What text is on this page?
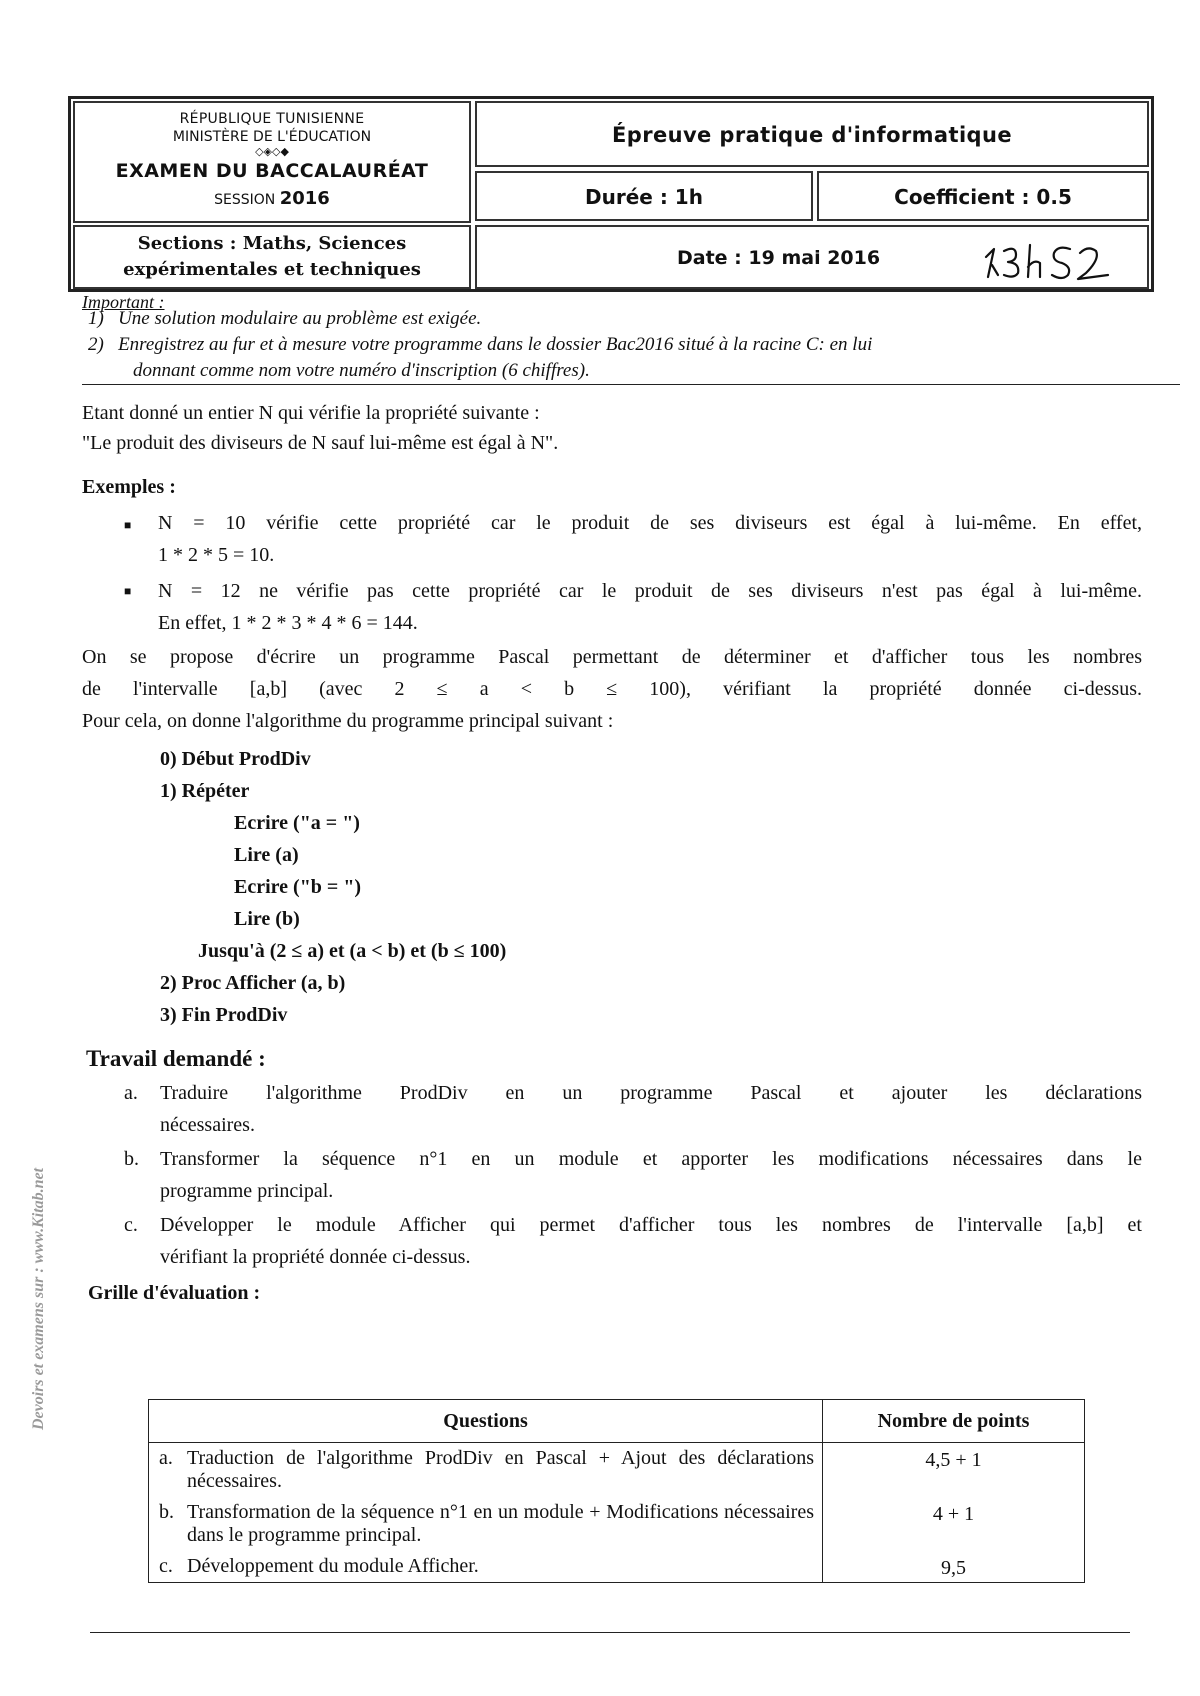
RÉPUBLIQUE TUNISIENNE
MINISTÈRE DE L'ÉDUCATION
◇◈◇◆
EXAMEN DU BACCALAURÉAT
SESSION 2016
Sections : Maths, Sciences
expérimentales et techniques
Épreuve pratique d'informatique
Durée : 1h	Coefficient : 0.5
Date : 19 mai 2016
Important :
1) Une solution modulaire au problème est exigée.
2) Enregistrez au fur et à mesure votre programme dans le dossier Bac2016 situé à la racine C: en lui
donnant comme nom votre numéro d'inscription (6 chiffres).
Etant donné un entier N qui vérifie la propriété suivante :
"Le produit des diviseurs de N sauf lui-même est égal à N".
Exemples :
■ N = 10 vérifie cette propriété car le produit de ses diviseurs est égal à lui-même. En effet,
1 * 2 * 5 = 10.
■ N = 12 ne vérifie pas cette propriété car le produit de ses diviseurs n'est pas égal à lui-même.
En effet, 1 * 2 * 3 * 4 * 6 = 144.
On se propose d'écrire un programme Pascal permettant de déterminer et d'afficher tous les nombres
de l'intervalle [a,b] (avec 2 ≤ a < b ≤ 100), vérifiant la propriété donnée ci-dessus.
Pour cela, on donne l'algorithme du programme principal suivant :
0) Début ProdDiv
1) Répéter
Ecrire ("a = ")
Lire (a)
Ecrire ("b = ")
Lire (b)
Jusqu'à (2 ≤ a) et (a < b) et (b ≤ 100)
2) Proc Afficher (a, b)
3) Fin ProdDiv
Travail demandé :
a. Traduire l'algorithme ProdDiv en un programme Pascal et ajouter les déclarations
nécessaires.
b. Transformer la séquence n°1 en un module et apporter les modifications nécessaires dans le
programme principal.
c. Développer le module Afficher qui permet d'afficher tous les nombres de l'intervalle [a,b] et
vérifiant la propriété donnée ci-dessus.
Grille d'évaluation :
Questions	Nombre de points

a. Traduction de l'algorithme ProdDiv en Pascal + Ajout des déclarations nécessaires.	4,5 + 1

b. Transformation de la séquence n°1 en un module + Modifications nécessaires dans le programme principal.	4 + 1

c. Développement du module Afficher.	9,5
Devoirs et examens sur : www.Kitab.net
